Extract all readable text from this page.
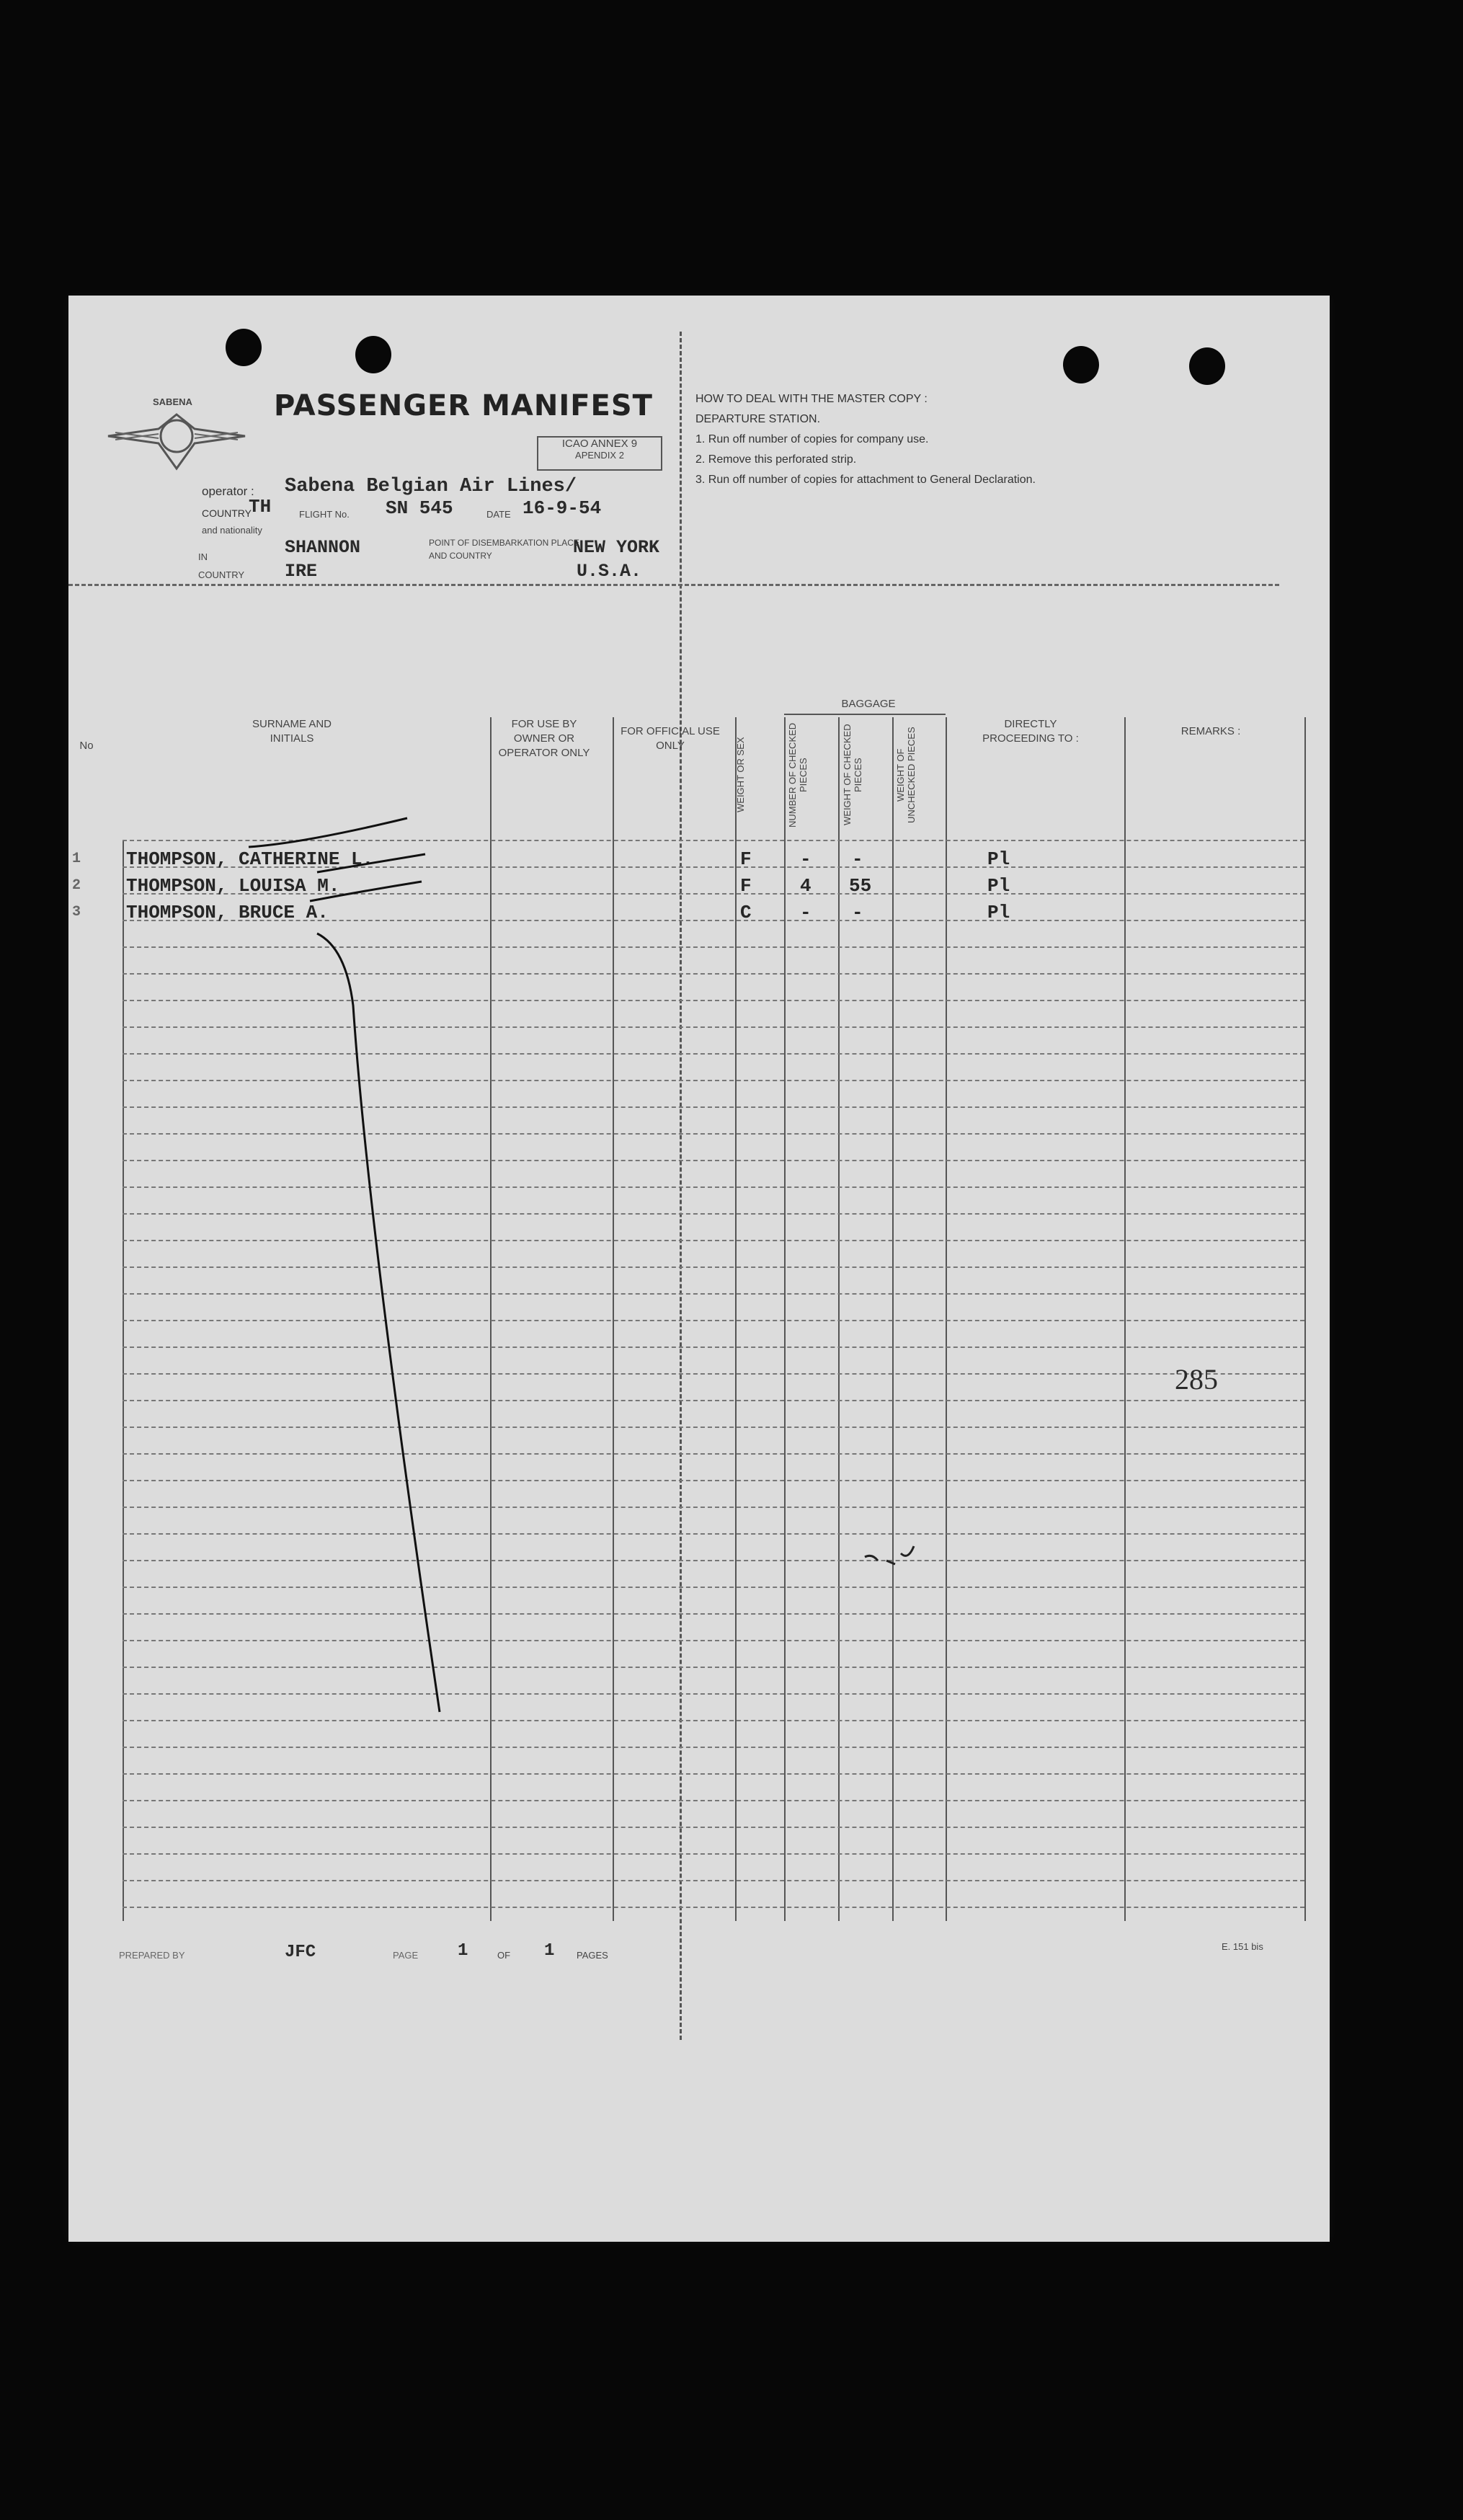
SABENA	PASSENGER MANIFEST
ICAO ANNEX 9
APENDIX 2
operator : Sabena Belgian Air Lines/
COUNTRY
TH	FLIGHT No. SN 545	DATE 16-9-54
and nationality
IN
COUNTRY
SHANNON
IRE
POINT OF DISEMBARKATION PLACE AND COUNTRY	NEW YORK
U.S.A.
HOW TO DEAL WITH THE MASTER COPY :
DEPARTURE STATION.
1. Run off number of copies for company use.
2. Remove this perforated strip.
3. Run off number of copies for attachment to General Declaration.
No
SURNAME AND INITIALS
FOR USE BY OWNER OR OPERATOR ONLY
FOR OFFICIAL USE ONLY	WEIGHT OR SEX
BAGGAGE
NUMBER OF CHECKED PIECES	WEIGHT OF CHECKED PIECES	WEIGHT OF UNCHECKED PIECES
DIRECTLY PROCEEDING TO :
REMARKS :
1 THOMPSON, CATHERINE L.	F	- -	Pl
2 THOMPSON, LOUISA M.	F	4 55	Pl
3 THOMPSON, BRUCE A.	C	- -	Pl
285
PREPARED BY	JFC	PAGE 1	OF 1 PAGES
E. 151 bis
